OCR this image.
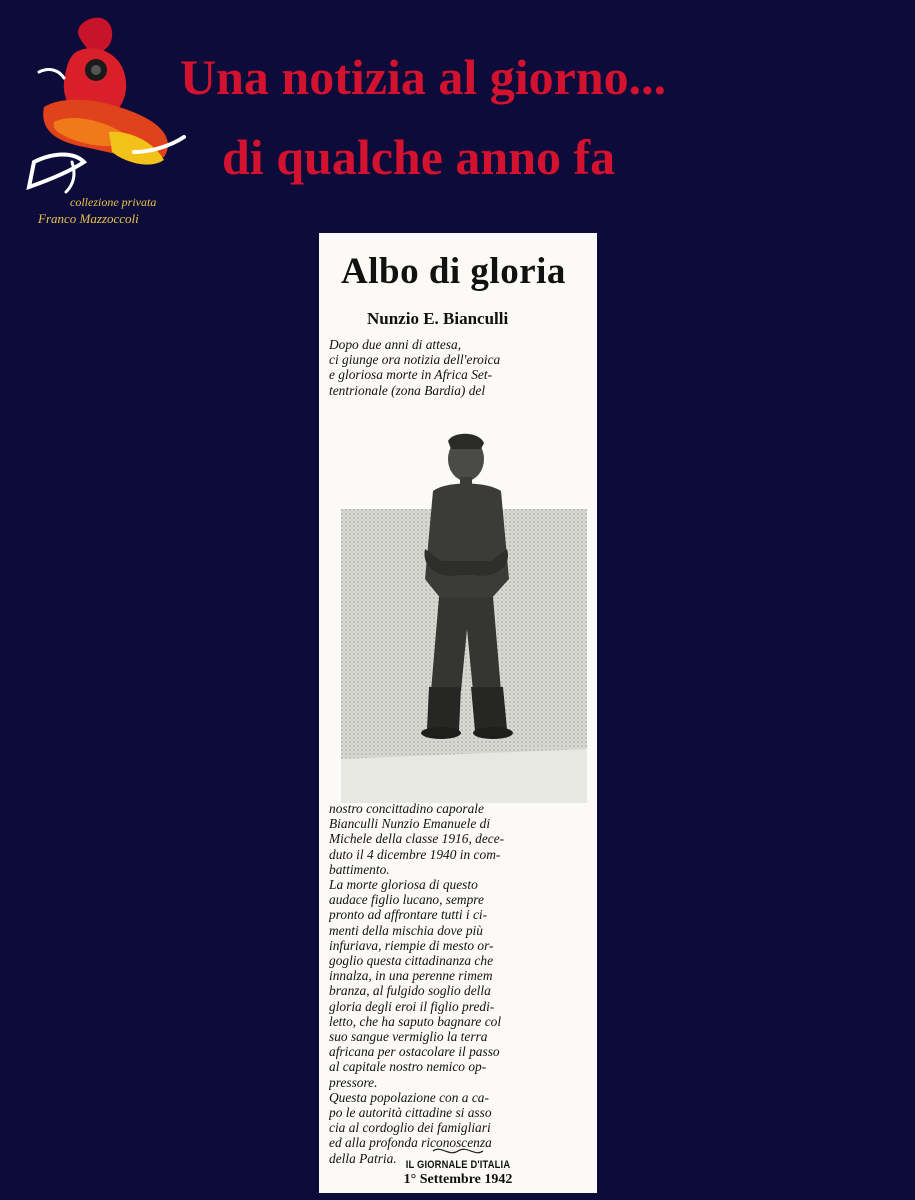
collezione privata
Franco Mazzoccoli
Una notizia al giorno...
di qualche anno fa
Albo di gloria
Nunzio E. Bianculli
Dopo due anni di attesa,
ci giunge ora notizia dell'eroica
e gloriosa morte in Africa Set-
tentrionale (zona Bardia) del
nostro concittadino caporale
Bianculli Nunzio Emanuele di
Michele della classe 1916, dece-
duto il 4 dicembre 1940 in com-
battimento.
La morte gloriosa di questo
audace figlio lucano, sempre
pronto ad affrontare tutti i ci-
menti della mischia dove più
infuriava, riempie di mesto or-
goglio questa cittadinanza che
innalza, in una perenne rimem
branza, al fulgido soglio della
gloria degli eroi il figlio predi-
letto, che ha saputo bagnare col
suo sangue vermiglio la terra
africana per ostacolare il passo
al capitale nostro nemico op-
pressore.
Questa popolazione con a ca-
po le autorità cittadine si asso
cia al cordoglio dei famigliari
ed alla profonda riconoscenza
della Patria. IL GIORNALE D'ITALIA
1° Settembre 1942
